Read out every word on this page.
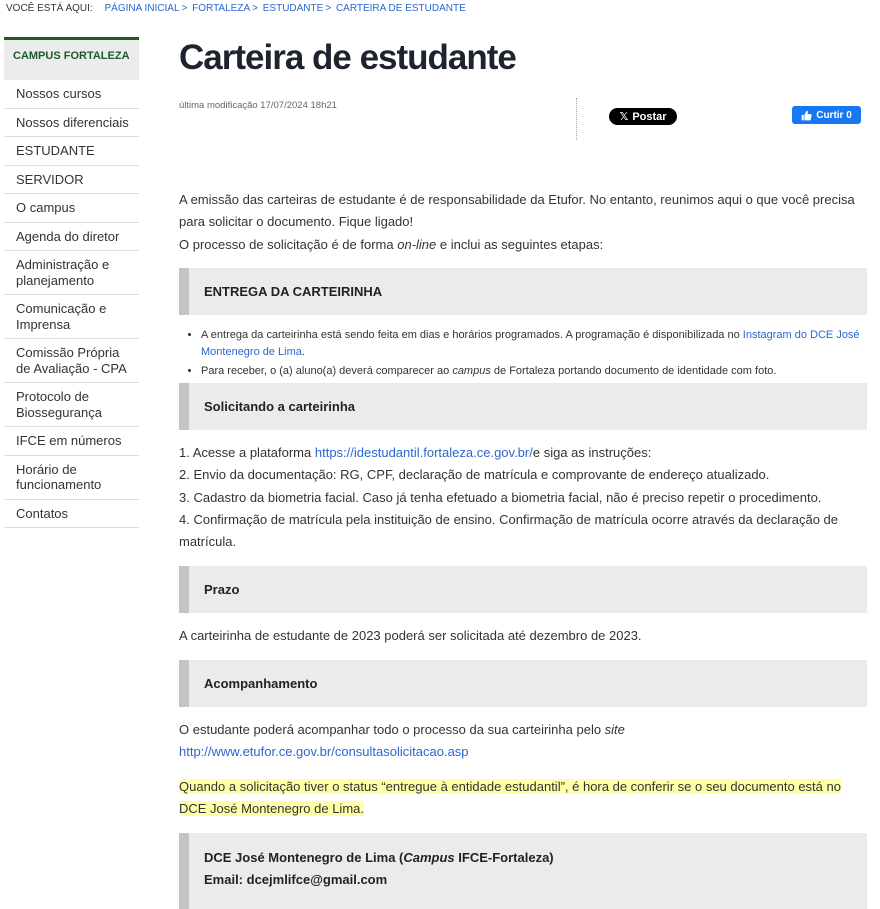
VOCÊ ESTÁ AQUI: PÁGINA INICIAL > FORTALEZA > ESTUDANTE > CARTEIRA DE ESTUDANTE
CAMPUS FORTALEZA
Nossos cursos
Nossos diferenciais
ESTUDANTE
SERVIDOR
O campus
Agenda do diretor
Administração e planejamento
Comunicação e Imprensa
Comissão Própria de Avaliação - CPA
Protocolo de Biossegurança
IFCE em números
Horário de funcionamento
Contatos
Carteira de estudante
última modificação 17/07/2024 18h21
𝕏 Postar	Curtir 0
A emissão das carteiras de estudante é de responsabilidade da Etufor. No entanto, reunimos aqui o que você precisa para solicitar o documento. Fique ligado!
O processo de solicitação é de forma on-line e inclui as seguintes etapas:
ENTREGA DA CARTEIRINHA
• A entrega da carteirinha está sendo feita em dias e horários programados. A programação é disponibilizada no Instagram do DCE José Montenegro de Lima.
• Para receber, o (a) aluno(a) deverá comparecer ao campus de Fortaleza portando documento de identidade com foto.
Solicitando a carteirinha
1. Acesse a plataforma https://idestudantil.fortaleza.ce.gov.br/e siga as instruções:
2. Envio da documentação: RG, CPF, declaração de matrícula e comprovante de endereço atualizado.
3. Cadastro da biometria facial. Caso já tenha efetuado a biometria facial, não é preciso repetir o procedimento.
4. Confirmação de matrícula pela instituição de ensino. Confirmação de matrícula ocorre através da declaração de matrícula.
Prazo
A carteirinha de estudante de 2023 poderá ser solicitada até dezembro de 2023.
Acompanhamento
O estudante poderá acompanhar todo o processo da sua carteirinha pelo site
http://www.etufor.ce.gov.br/consultasolicitacao.asp
Quando a solicitação tiver o status “entregue à entidade estudantil”, é hora de conferir se o seu documento está no DCE José Montenegro de Lima.
DCE José Montenegro de Lima (Campus IFCE-Fortaleza)
Email: dcejmlifce@gmail.com
